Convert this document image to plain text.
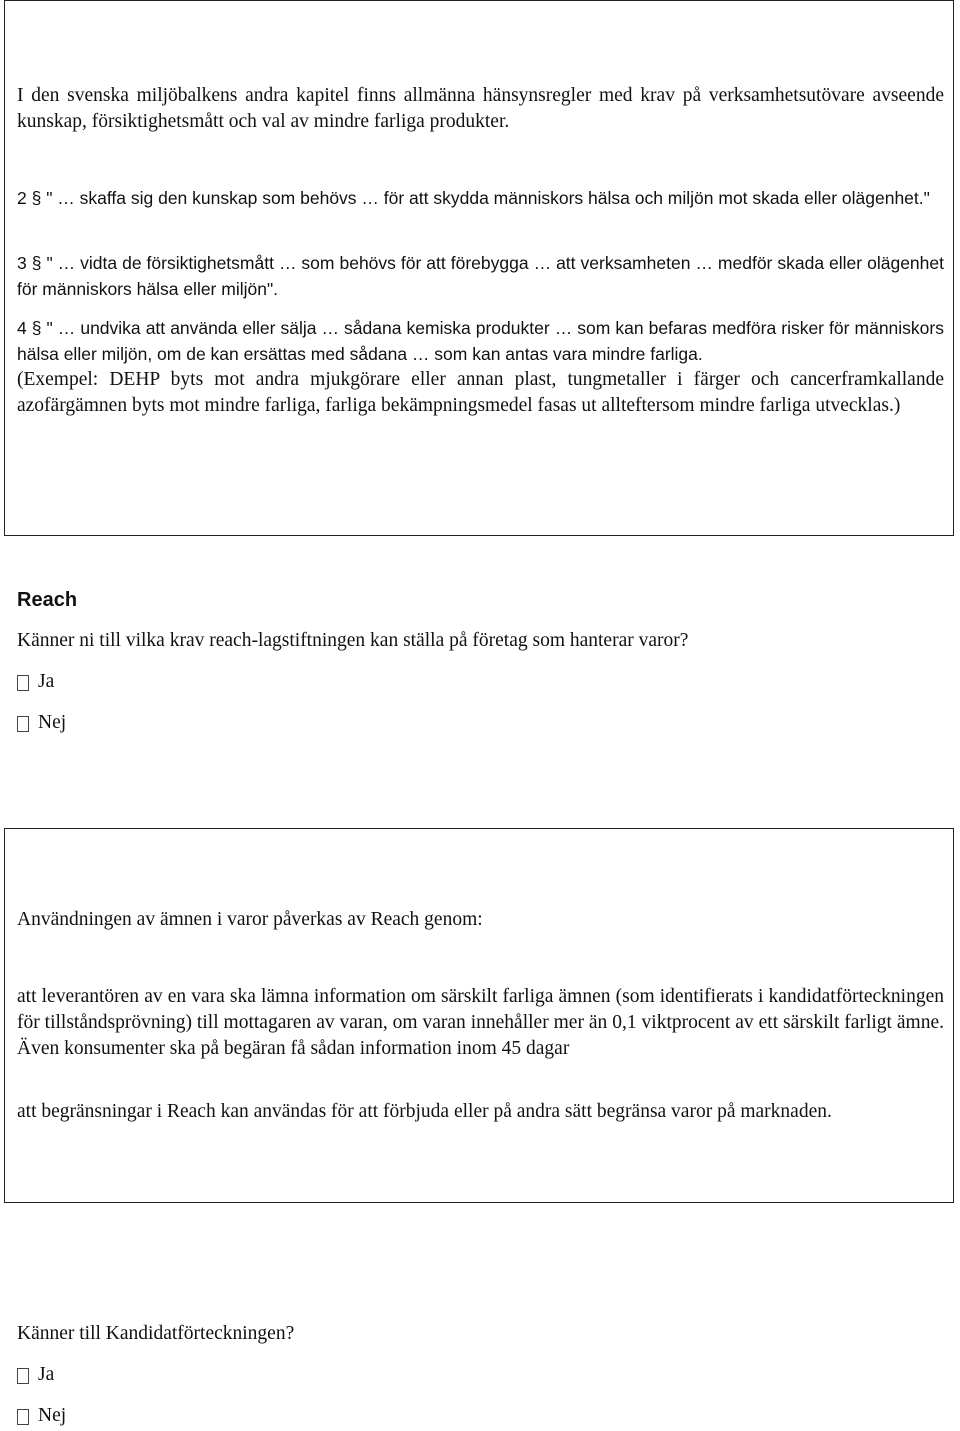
I den svenska miljöbalkens andra kapitel finns allmänna hänsynsregler med krav på verksamhetsutövare avseende kunskap, försiktighetsmått och val av mindre farliga produkter.

2 § " … skaffa sig den kunskap som behövs … för att skydda människors hälsa och miljön mot skada eller olägenhet."

3 § " … vidta de försiktighetsmått … som behövs för att förebygga … att verksamheten … medför skada eller olägenhet för människors hälsa eller miljön".

4 § " … undvika att använda eller sälja … sådana kemiska produkter … som kan befaras medföra risker för människors hälsa eller miljön, om de kan ersättas med sådana … som kan antas vara mindre farliga.

(Exempel: DEHP byts mot andra mjukgörare eller annan plast, tungmetaller i färger och cancerframkallande azofärgämnen byts mot mindre farliga, farliga bekämpningsmedel fasas ut allteftersom mindre farliga utvecklas.)

Reach

Känner ni till vilka krav reach-lagstiftningen kan ställa på företag som hanterar varor?

Ja
Nej

Användningen av ämnen i varor påverkas av Reach genom:

att leverantören av en vara ska lämna information om särskilt farliga ämnen (som identifierats i kandidatförteckningen för tillståndsprövning) till mottagaren av varan, om varan innehåller mer än 0,1 viktprocent av ett särskilt farligt ämne. Även konsumenter ska på begäran få sådan information inom 45 dagar

att begränsningar i Reach kan användas för att förbjuda eller på andra sätt begränsa varor på marknaden.

Känner till Kandidatförteckningen?

Ja
Nej
